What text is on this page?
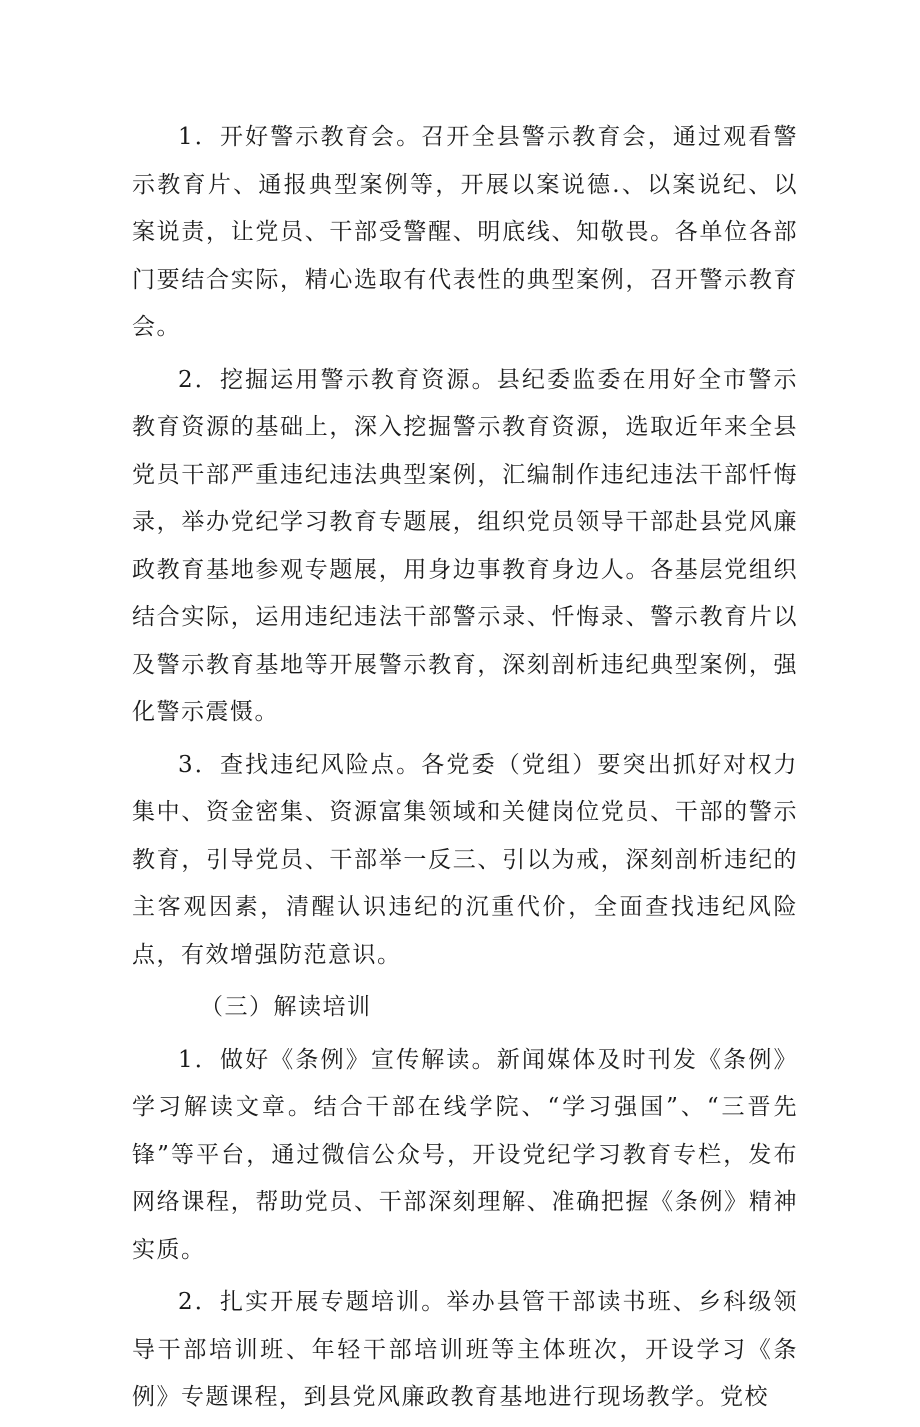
1．开好警示教育会。召开全县警示教育会，通过观看警示教育片、通报典型案例等，开展以案说德.、以案说纪、以案说责，让党员、干部受警醒、明底线、知敬畏。各单位各部门要结合实际，精心选取有代表性的典型案例，召开警示教育会。

2．挖掘运用警示教育资源。县纪委监委在用好全市警示教育资源的基础上，深入挖掘警示教育资源，选取近年来全县党员干部严重违纪违法典型案例，汇编制作违纪违法干部忏悔录，举办党纪学习教育专题展，组织党员领导干部赴县党风廉政教育基地参观专题展，用身边事教育身边人。各基层党组织结合实际，运用违纪违法干部警示录、忏悔录、警示教育片以及警示教育基地等开展警示教育，深刻剖析违纪典型案例，强化警示震慑。

3．查找违纪风险点。各党委（党组）要突出抓好对权力集中、资金密集、资源富集领域和关健岗位党员、干部的警示教育，引导党员、干部举一反三、引以为戒，深刻剖析违纪的主客观因素，清醒认识违纪的沉重代价，全面查找违纪风险点，有效增强防范意识。

（三）解读培训

1．做好《条例》宣传解读。新闻媒体及时刊发《条例》学习解读文章。结合干部在线学院、“学习强国”、“三晋先锋”等平台，通过微信公众号，开设党纪学习教育专栏，发布网络课程，帮助党员、干部深刻理解、准确把握《条例》精神实质。

2．扎实开展专题培训。举办县管干部读书班、乡科级领导干部培训班、年轻干部培训班等主体班次，开设学习《条例》专题课程，到县党风廉政教育基地进行现场教学。党校
